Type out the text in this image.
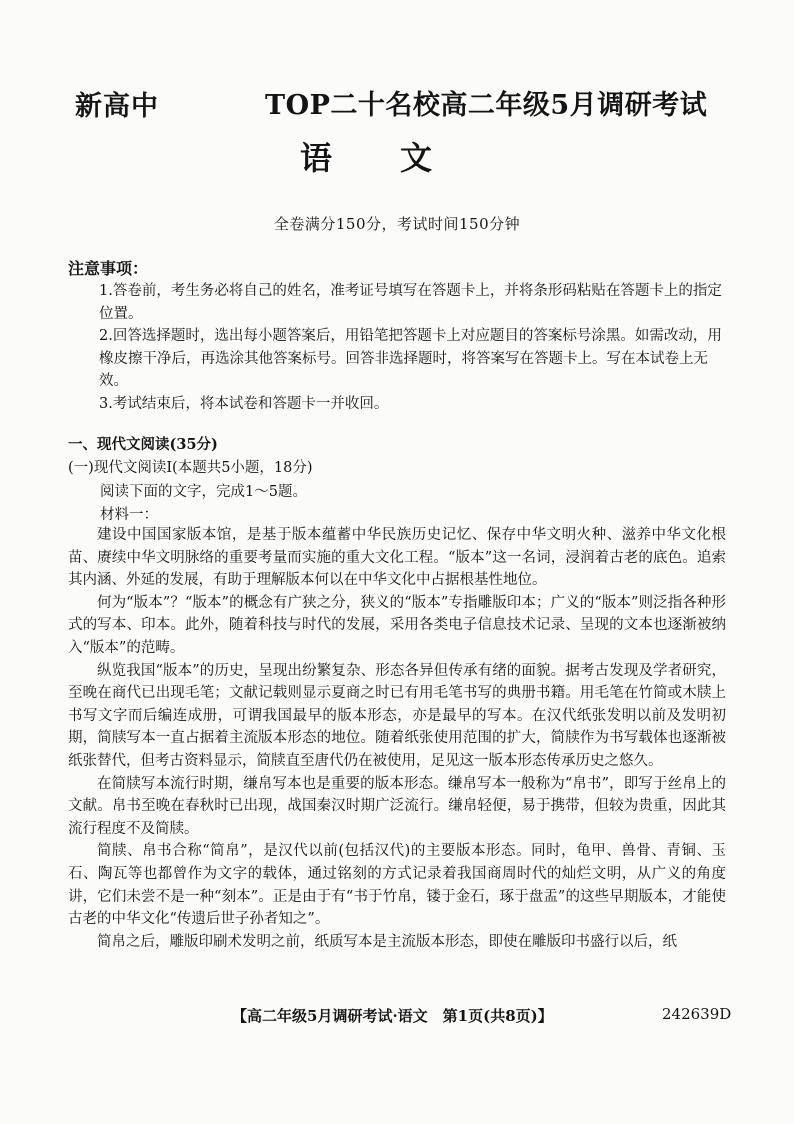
新高中	TOP二十名校高二年级5月调研考试
语 文
全卷满分150分，考试时间150分钟
注意事项：

1.答卷前，考生务必将自己的姓名，准考证号填写在答题卡上，并将条形码粘贴在答题卡上的指定位置。

2.回答选择题时，选出每小题答案后，用铅笔把答题卡上对应题目的答案标号涂黑。如需改动，用橡皮擦干净后，再选涂其他答案标号。回答非选择题时，将答案写在答题卡上。写在本试卷上无效。

3.考试结束后，将本试卷和答题卡一并收回。

一、现代文阅读(35分)
(一)现代文阅读Ⅰ(本题共5小题，18分)
阅读下面的文字，完成1～5题。
材料一：

建设中国国家版本馆，是基于版本蕴蓄中华民族历史记忆、保存中华文明火种、滋养中华文化根苗、赓续中华文明脉络的重要考量而实施的重大文化工程。“版本”这一名词，浸润着古老的底色。追索其内涵、外延的发展，有助于理解版本何以在中华文化中占据根基性地位。

何为“版本”？“版本”的概念有广狭之分，狭义的“版本”专指雕版印本；广义的“版本”则泛指各种形式的写本、印本。此外，随着科技与时代的发展，采用各类电子信息技术记录、呈现的文本也逐渐被纳入“版本”的范畴。

纵览我国“版本”的历史，呈现出纷繁复杂、形态各异但传承有绪的面貌。据考古发现及学者研究，至晚在商代已出现毛笔；文献记载则显示夏商之时已有用毛笔书写的典册书籍。用毛笔在竹简或木牍上书写文字而后编连成册，可谓我国最早的版本形态，亦是最早的写本。在汉代纸张发明以前及发明初期，简牍写本一直占据着主流版本形态的地位。随着纸张使用范围的扩大，简牍作为书写载体也逐渐被纸张替代，但考古资料显示，简牍直至唐代仍在被使用，足见这一版本形态传承历史之悠久。

在简牍写本流行时期，缣帛写本也是重要的版本形态。缣帛写本一般称为“帛书”，即写于丝帛上的文献。帛书至晚在春秋时已出现，战国秦汉时期广泛流行。缣帛轻便，易于携带，但较为贵重，因此其流行程度不及简牍。

简牍、帛书合称“简帛”，是汉代以前(包括汉代)的主要版本形态。同时，龟甲、兽骨、青铜、玉石、陶瓦等也都曾作为文字的载体，通过铭刻的方式记录着我国商周时代的灿烂文明，从广义的角度讲，它们未尝不是一种“刻本”。正是由于有“书于竹帛，镂于金石，琢于盘盂”的这些早期版本，才能使古老的中华文化“传遗后世子孙者知之”。

简帛之后，雕版印刷术发明之前，纸质写本是主流版本形态，即使在雕版印书盛行以后，纸

【高二年级5月调研考试·语文　第1页(共8页)】	242639D
